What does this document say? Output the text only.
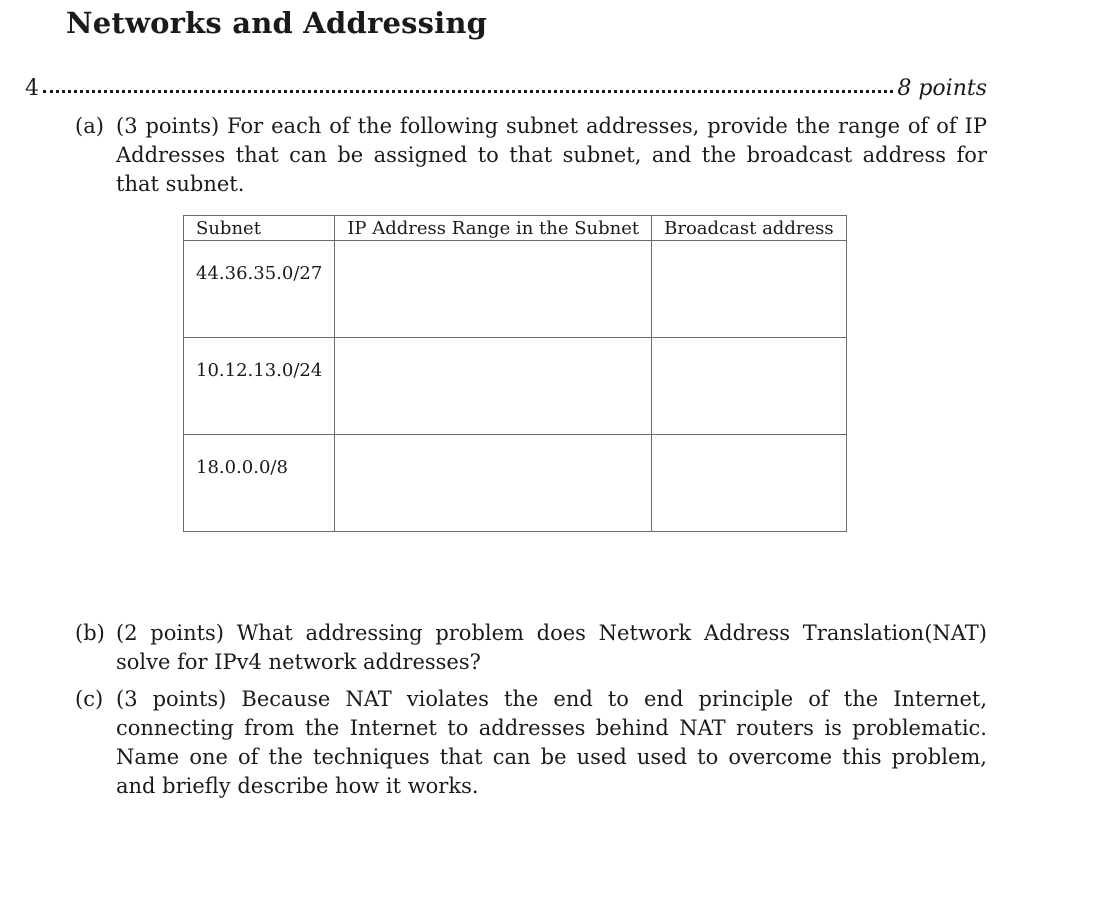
Networks and Addressing
4	8 points
(a) (3 points) For each of the following subnet addresses, provide the range of of IP Addresses that can be assigned to that subnet, and the broadcast address for that subnet.
Subnet	IP Address Range in the Subnet	Broadcast address
44.36.35.0/27		
10.12.13.0/24		
18.0.0.0/8		
(b) (2 points) What addressing problem does Network Address Translation(NAT) solve for IPv4 network addresses?
(c) (3 points) Because NAT violates the end to end principle of the Internet, connecting from the Internet to addresses behind NAT routers is problematic. Name one of the techniques that can be used used to overcome this problem, and briefly describe how it works.
